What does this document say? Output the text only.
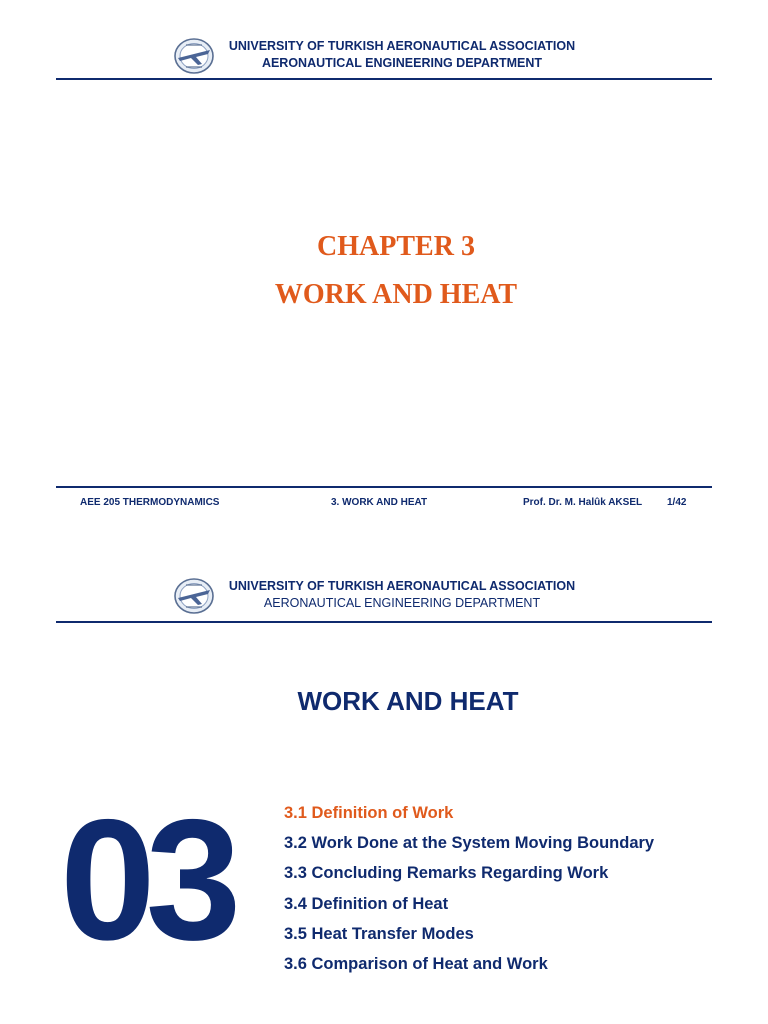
UNIVERSITY OF TURKISH AERONAUTICAL ASSOCIATION
AERONAUTICAL ENGINEERING DEPARTMENT
CHAPTER 3
WORK AND HEAT
AEE 205 THERMODYNAMICS	3. WORK AND HEAT	Prof. Dr. M. Halûk AKSEL 1/42
UNIVERSITY OF TURKISH AERONAUTICAL ASSOCIATION
AERONAUTICAL ENGINEERING DEPARTMENT
WORK AND HEAT
03	3.1 Definition of Work
3.2 Work Done at the System Moving Boundary
3.3 Concluding Remarks Regarding Work
3.4 Definition of Heat
3.5 Heat Transfer Modes
3.6 Comparison of Heat and Work
